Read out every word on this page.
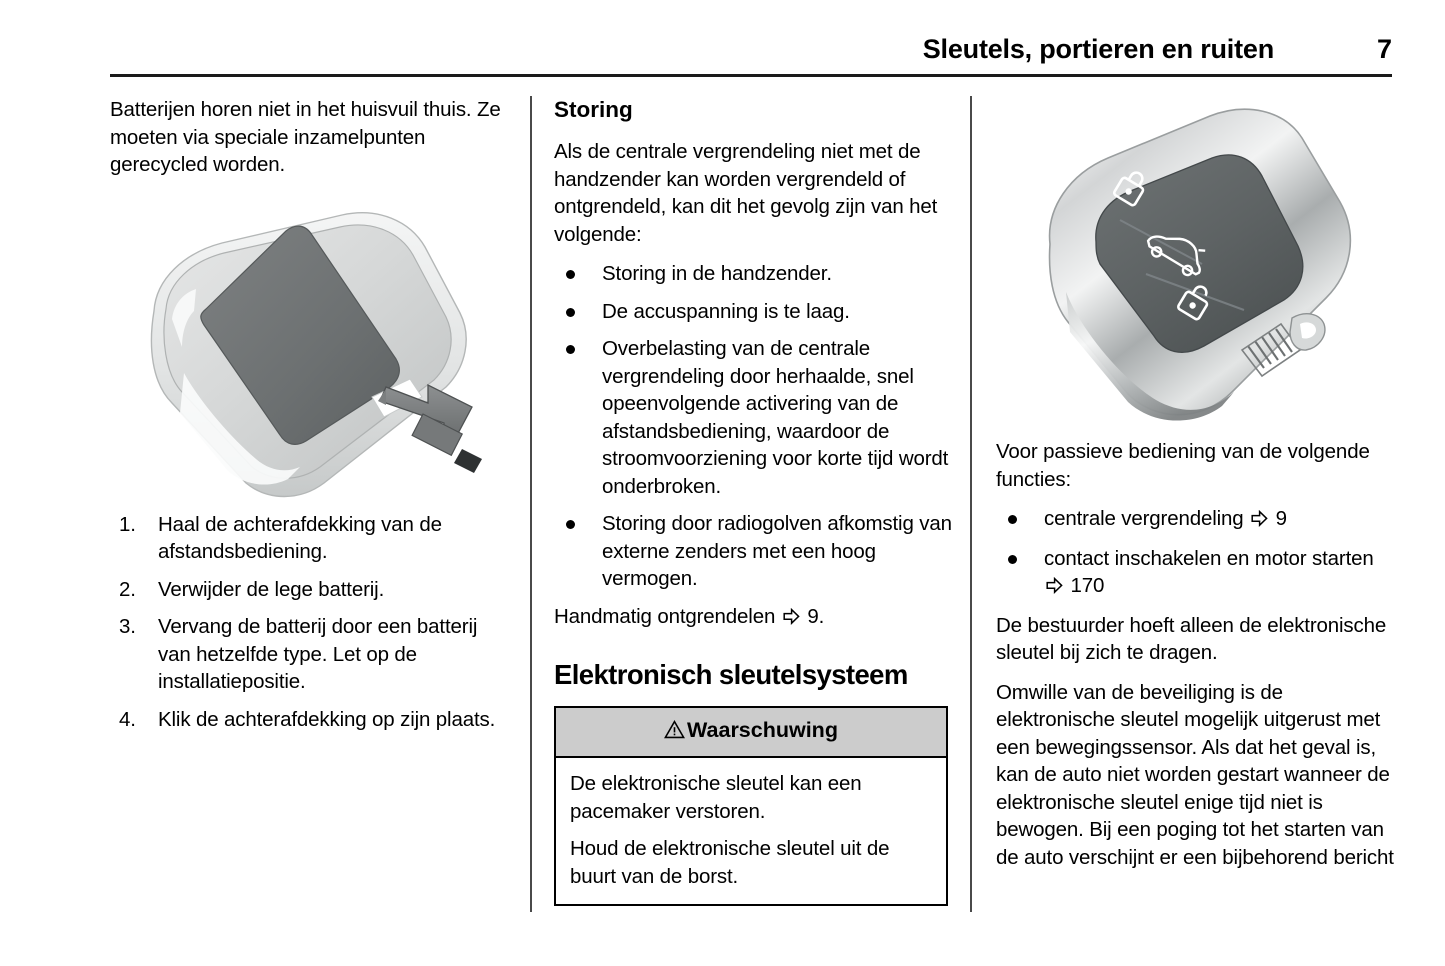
Sleutels, portieren en ruiten	7

Batterijen horen niet in het huisvuil thuis. Ze moeten via speciale inzamelpunten gerecycled worden.

1. Haal de achterafdekking van de afstandsbediening.
2. Verwijder de lege batterij.
3. Vervang de batterij door een batterij van hetzelfde type. Let op de installatiepositie.
4. Klik de achterafdekking op zijn plaats.
Storing

Als de centrale vergrendeling niet met de handzender kan worden vergrendeld of ontgrendeld, kan dit het gevolg zijn van het volgende:

Storing in de handzender.
De accuspanning is te laag.
Overbelasting van de centrale vergrendeling door herhaalde, snel opeenvolgende activering van de afstandsbediening, waardoor de stroomvoorziening voor korte tijd wordt onderbroken.
Storing door radiogolven afkomstig van externe zenders met een hoog vermogen.

Handmatig ontgrendelen 9.

Elektronisch sleutelsysteem
Waarschuwing

De elektronische sleutel kan een pacemaker verstoren.

Houd de elektronische sleutel uit de buurt van de borst.

Voor passieve bediening van de volgende functies:

centrale vergrendeling 9
contact inschakelen en motor starten  170

De bestuurder hoeft alleen de elektronische sleutel bij zich te dragen.

Omwille van de beveiliging is de elektronische sleutel mogelijk uitgerust met een bewegingssensor. Als dat het geval is, kan de auto niet worden gestart wanneer de elektronische sleutel enige tijd niet is bewogen. Bij een poging tot het starten van de auto verschijnt er een bijbehorend bericht
